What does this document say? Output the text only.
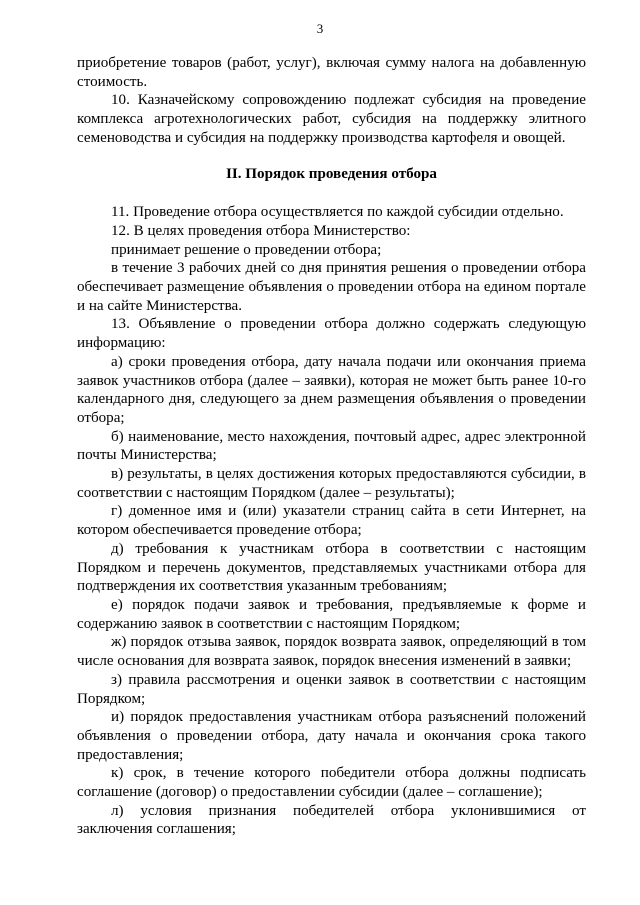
3

приобретение товаров (работ, услуг), включая сумму налога на добавленную стоимость.

10. Казначейскому сопровождению подлежат субсидия на проведение комплекса агротехнологических работ, субсидия на поддержку элитного семеноводства и субсидия на поддержку производства картофеля и овощей.

II. Порядок проведения отбора

11. Проведение отбора осуществляется по каждой субсидии отдельно.

12. В целях проведения отбора Министерство:

принимает решение о проведении отбора;

в течение 3 рабочих дней со дня принятия решения о проведении отбора обеспечивает размещение объявления о проведении отбора на едином портале и на сайте Министерства.

13. Объявление о проведении отбора должно содержать следующую информацию:

а) сроки проведения отбора, дату начала подачи или окончания приема заявок участников отбора (далее – заявки), которая не может быть ранее 10-го календарного дня, следующего за днем размещения объявления о проведении отбора;

б) наименование, место нахождения, почтовый адрес, адрес электронной почты Министерства;

в) результаты, в целях достижения которых предоставляются субсидии, в соответствии с настоящим Порядком (далее – результаты);

г) доменное имя и (или) указатели страниц сайта в сети Интернет, на котором обеспечивается проведение отбора;

д) требования к участникам отбора в соответствии с настоящим Порядком и перечень документов, представляемых участниками отбора для подтверждения их соответствия указанным требованиям;

е) порядок подачи заявок и требования, предъявляемые к форме и содержанию заявок в соответствии с настоящим Порядком;

ж) порядок отзыва заявок, порядок возврата заявок, определяющий в том числе основания для возврата заявок, порядок внесения изменений в заявки;

з) правила рассмотрения и оценки заявок в соответствии с настоящим Порядком;

и) порядок предоставления участникам отбора разъяснений положений объявления о проведении отбора, дату начала и окончания срока такого предоставления;

к) срок, в течение которого победители отбора должны подписать соглашение (договор) о предоставлении субсидии (далее – соглашение);

л) условия признания победителей отбора уклонившимися от заключения соглашения;
